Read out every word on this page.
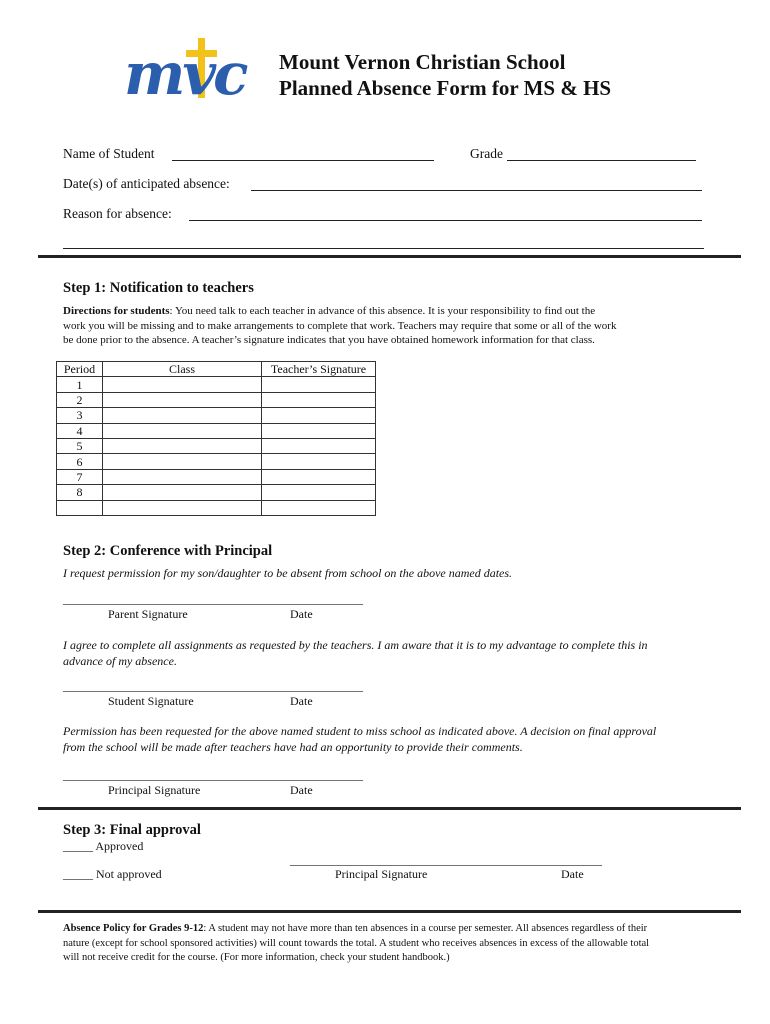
mvc Mount Vernon Christian School
Planned Absence Form for MS & HS
Name of Student	Grade
Date(s) of anticipated absence:
Reason for absence:
Step 1: Notification to teachers
Directions for students: You need talk to each teacher in advance of this absence. It is your responsibility to find out the
work you will be missing and to make arrangements to complete that work. Teachers may require that some or all of the work
be done prior to the absence. A teacher’s signature indicates that you have obtained homework information for that class.
Period	Class	Teacher’s Signature
1		
2		
3		
4		
5		
6		
7		
8		

Step 2: Conference with Principal
I request permission for my son/daughter to be absent from school on the above named dates.
__________________________________________________
Parent Signature	Date
I agree to complete all assignments as requested by the teachers. I am aware that it is to my advantage to complete this in
advance of my absence.
__________________________________________________
Student Signature	Date
Permission has been requested for the above named student to miss school as indicated above. A decision on final approval
from the school will be made after teachers have had an opportunity to provide their comments.
__________________________________________________
Principal Signature	Date
Step 3: Final approval
_____ Approved
____________________________________________________
_____ Not approved	Principal Signature	Date
Absence Policy for Grades 9-12: A student may not have more than ten absences in a course per semester. All absences regardless of their
nature (except for school sponsored activities) will count towards the total. A student who receives absences in excess of the allowable total
will not receive credit for the course. (For more information, check your student handbook.)
